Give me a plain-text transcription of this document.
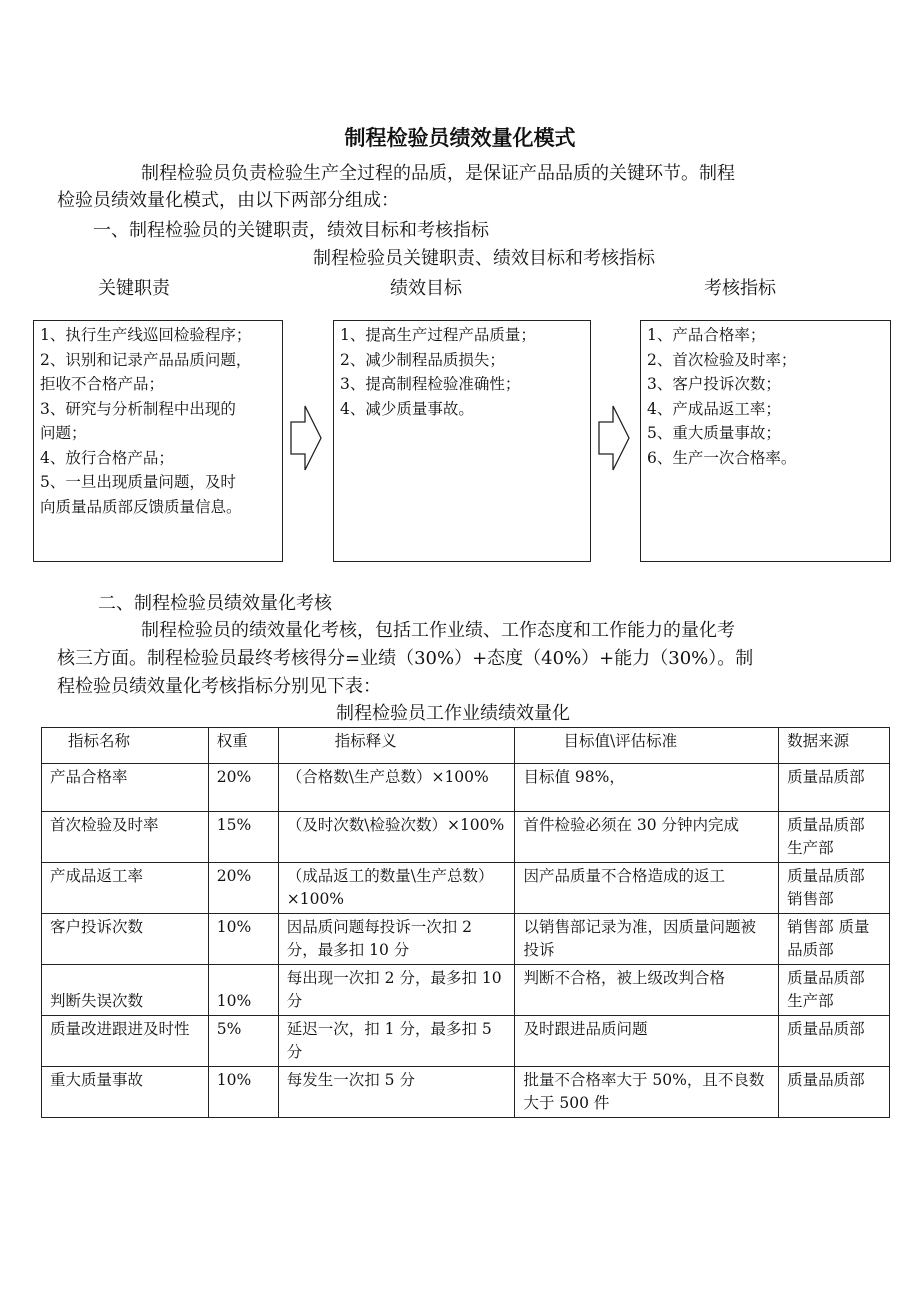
制程检验员绩效量化模式
制程检验员负责检验生产全过程的品质，是保证产品品质的关键环节。制程
检验员绩效量化模式，由以下两部分组成：
一、制程检验员的关键职责，绩效目标和考核指标
制程检验员关键职责、绩效目标和考核指标
关键职责	绩效目标	考核指标
1、执行生产线巡回检验程序；
2、识别和记录产品品质问题，
拒收不合格产品；
3、研究与分析制程中出现的
问题；
4、放行合格产品；
5、一旦出现质量问题，及时
向质量品质部反馈质量信息。
1、提高生产过程产品质量；
2、减少制程品质损失；
3、提高制程检验准确性；
4、减少质量事故。
1、产品合格率；
2、首次检验及时率；
3、客户投诉次数；
4、产成品返工率；
5、重大质量事故；
6、生产一次合格率。
二、制程检验员绩效量化考核
制程检验员的绩效量化考核，包括工作业绩、工作态度和工作能力的量化考
核三方面。制程检验员最终考核得分=业绩（30%）+态度（40%）+能力（30%）。制
程检验员绩效量化考核指标分别见下表：
制程检验员工作业绩绩效量化
指标名称	权重	指标释义	目标值\评估标准	数据来源
产品合格率	20%	（合格数\生产总数）×100%	目标值 98%，	质量品质部
首次检验及时率	15%	（及时次数\检验次数）×100%	首件检验必须在 30 分钟内完成	质量品质部 生产部
产成品返工率	20%	（成品返工的数量\生产总数）×100%	因产品质量不合格造成的返工	质量品质部 销售部
客户投诉次数	10%	因品质问题每投诉一次扣 2 分，最多扣 10 分	以销售部记录为准，因质量问题被投诉	销售部 质量品质部
判断失误次数	10%	每出现一次扣 2 分，最多扣 10 分	判断不合格，被上级改判合格	质量品质部 生产部
质量改进跟进及时性	5%	延迟一次，扣 1 分，最多扣 5 分	及时跟进品质问题	质量品质部
重大质量事故	10%	每发生一次扣 5 分	批量不合格率大于 50%，且不良数大于 500 件	质量品质部
